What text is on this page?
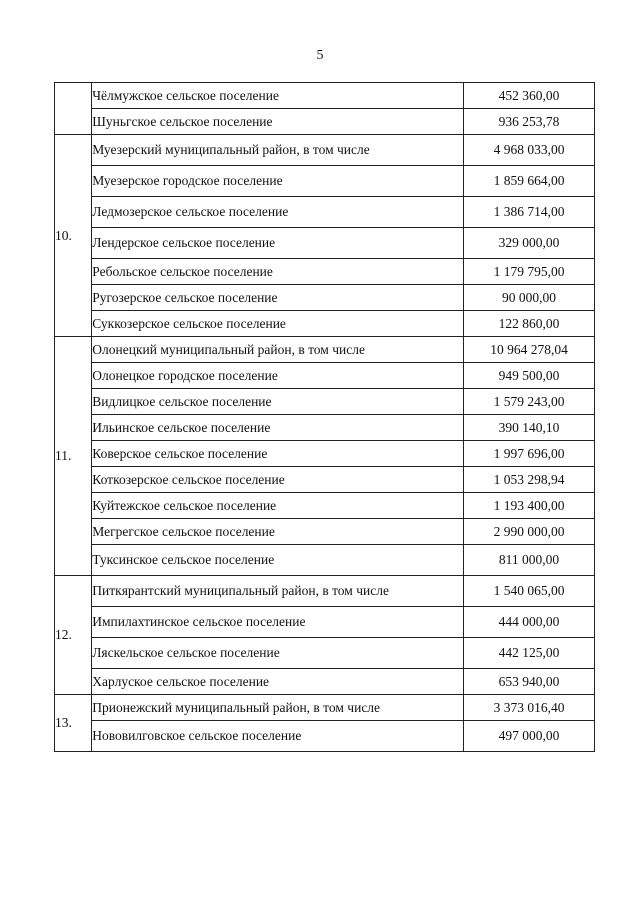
5
	Чёлмужское сельское поселение	452 360,00
	Шуньгское сельское поселение	936 253,78
10.	Муезерский муниципальный район, в том числе	4 968 033,00
	Муезерское городское поселение	1 859 664,00
	Ледмозерское сельское поселение	1 386 714,00
	Лендерское сельское поселение	329 000,00
	Ребольское сельское поселение	1 179 795,00
	Ругозерское сельское поселение	90 000,00
	Суккозерское сельское поселение	122 860,00
11.	Олонецкий муниципальный район, в том числе	10 964 278,04
	Олонецкое городское поселение	949 500,00
	Видлицкое сельское поселение	1 579 243,00
	Ильинское сельское поселение	390 140,10
	Коверское сельское поселение	1 997 696,00
	Коткозерское сельское поселение	1 053 298,94
	Куйтежское сельское поселение	1 193 400,00
	Мегрегское сельское поселение	2 990 000,00
	Туксинское сельское поселение	811 000,00
12.	Питкярантский муниципальный район, в том числе	1 540 065,00
	Импилахтинское сельское поселение	444 000,00
	Ляскельское сельское поселение	442 125,00
	Харлуское сельское поселение	653 940,00
13.	Прионежский муниципальный район, в том числе	3 373 016,40
	Нововилговское сельское поселение	497 000,00
